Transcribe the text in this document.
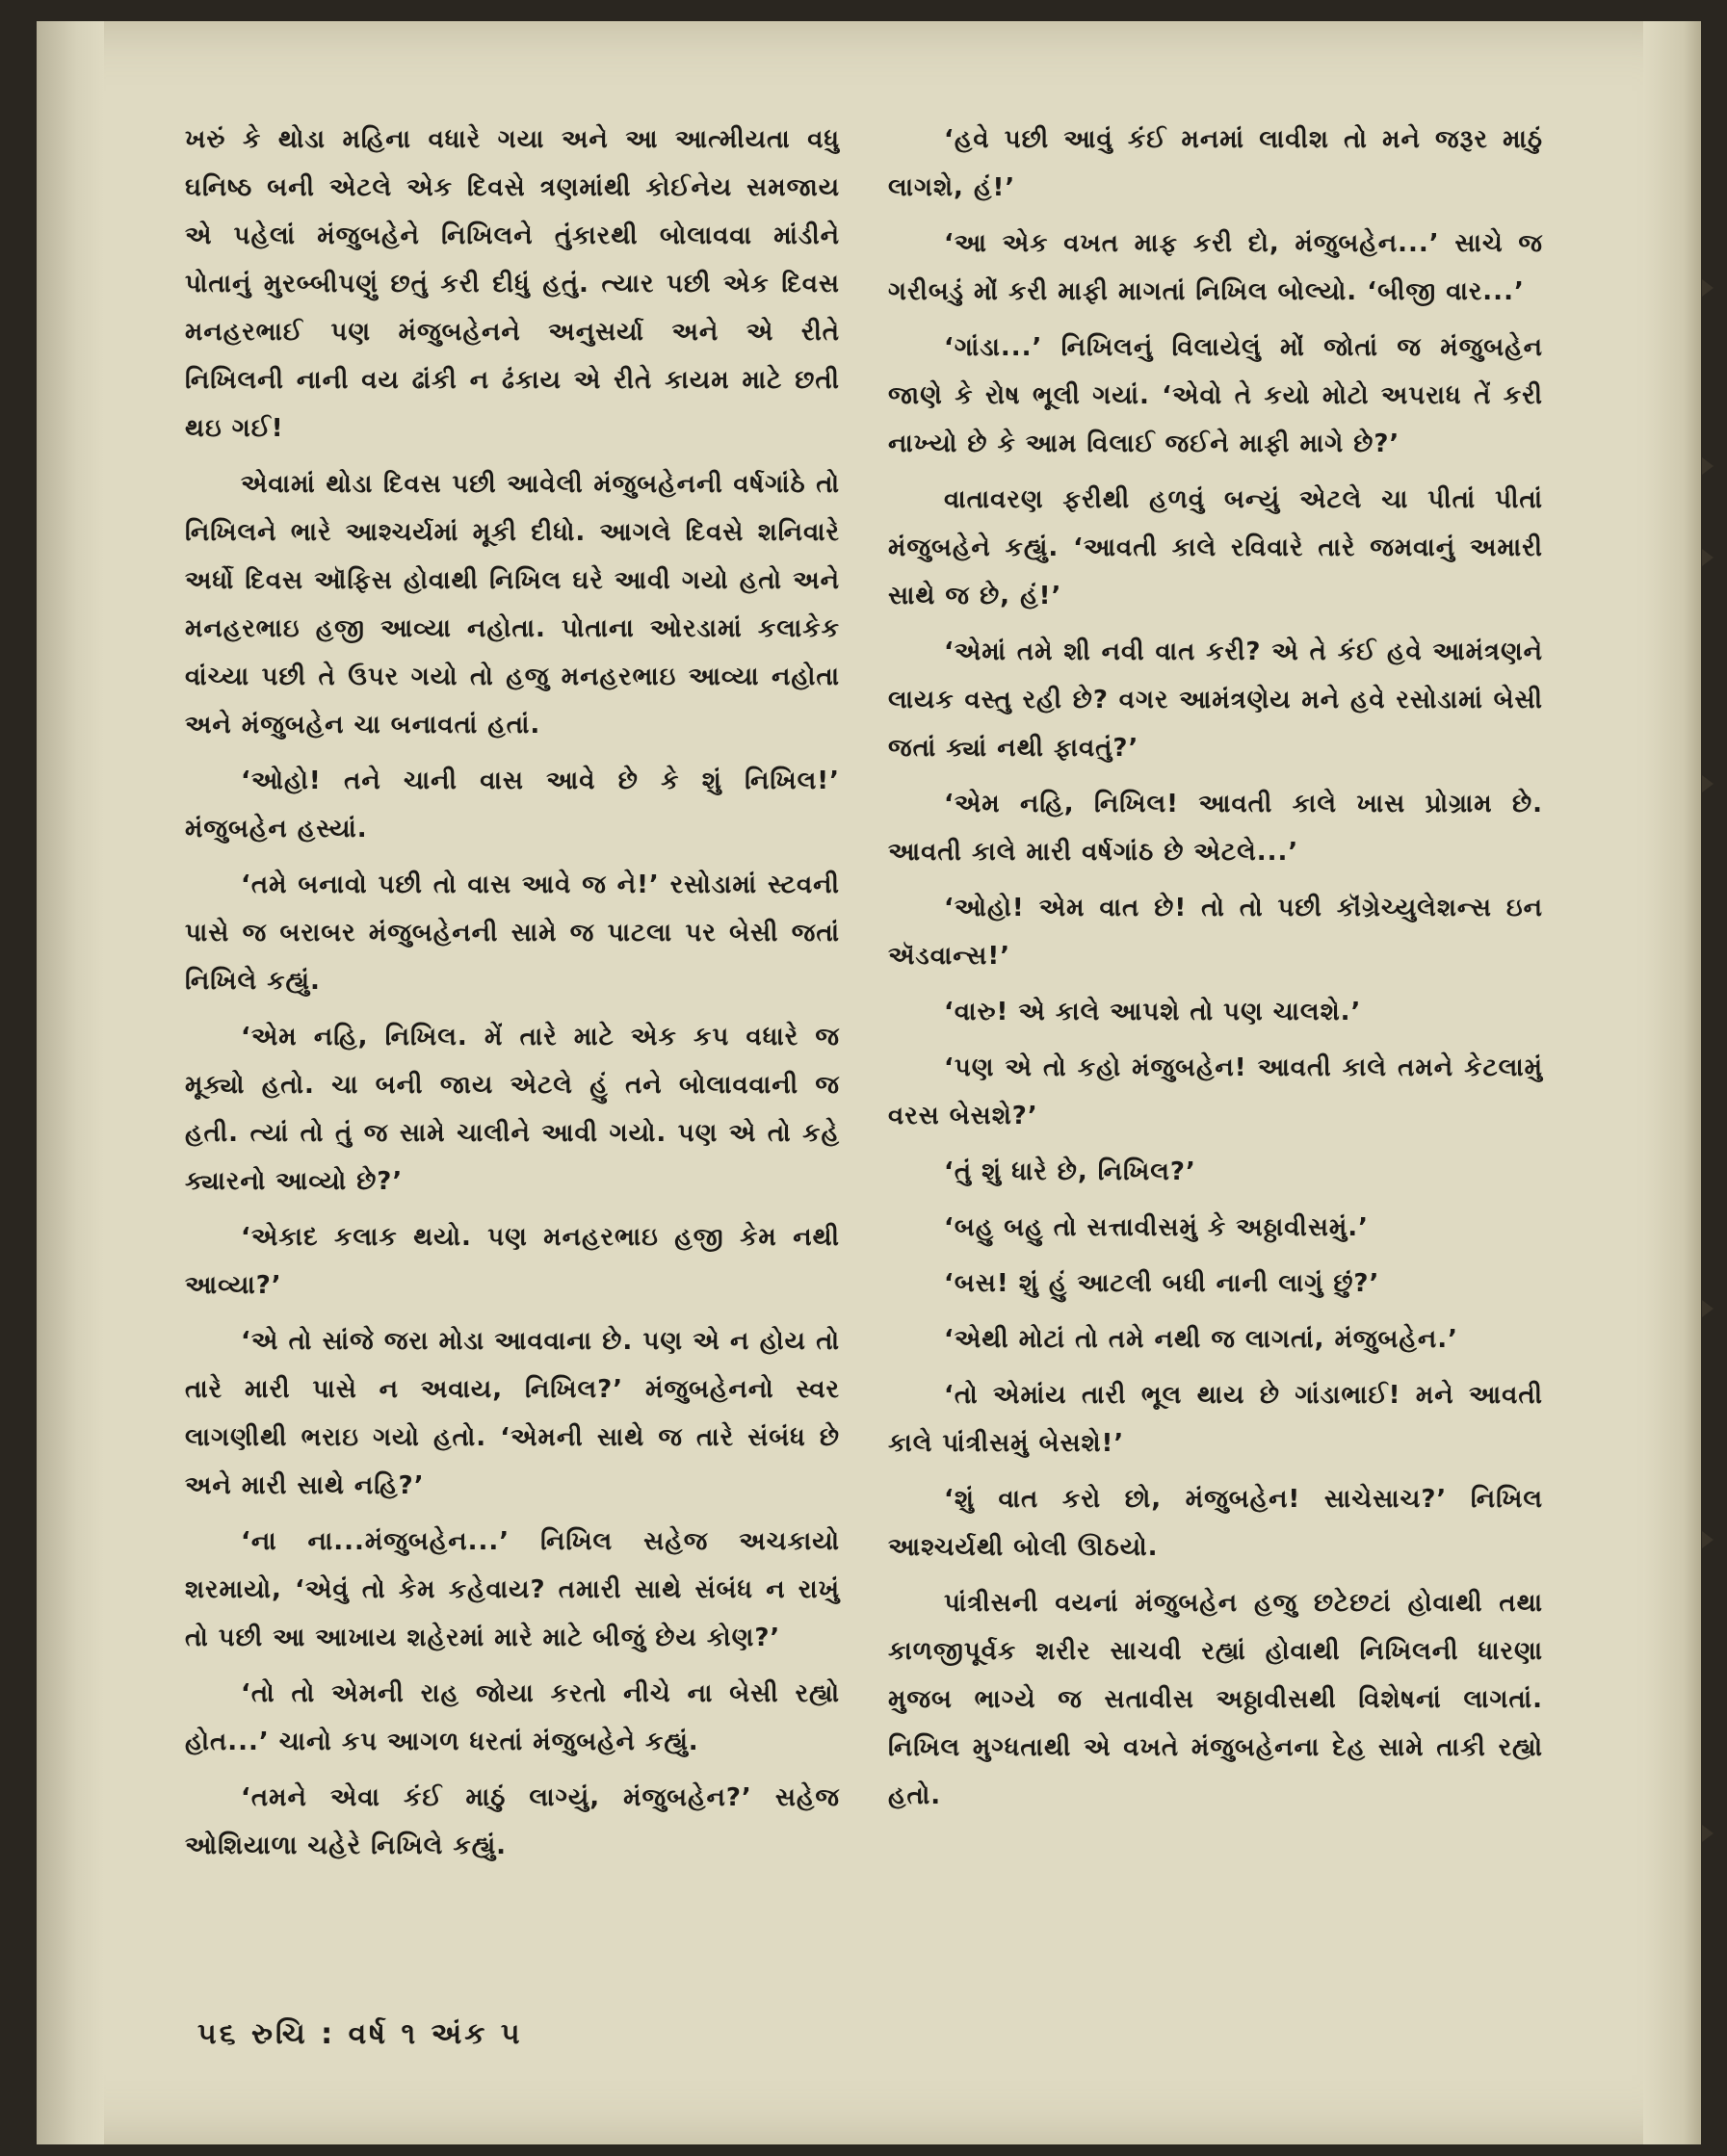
ખરું કે થોડા મહિના વધારે ગયા અને આ આત્મીયતા વધુ ઘનિષ્ઠ બની એટલે એક દિવસે ત્રણમાંથી કોઈનેય સમજાય એ પહેલાં મંજુબહેને નિખિલને તુંકારથી બોલાવવા માંડીને પોતાનું મુરબ્બીપણું છતું કરી દીધું હતું. ત્યાર પછી એક દિવસ મનહરભાઈ પણ મંજુબહેનને અનુસર્યા અને એ રીતે નિખિલની નાની વય ઢાંકી ન ઢંકાય એ રીતે કાયમ માટે છતી થઇ ગઈ!

એવામાં થોડા દિવસ પછી આવેલી મંજુબહેનની વર્ષગાંઠે તો નિખિલને ભારે આશ્ચર્યમાં મૂકી દીધો. આગલે દિવસે શનિવારે અર્ધો દિવસ ઑફિસ હોવાથી નિખિલ ઘરે આવી ગયો હતો અને મનહરભાઇ હજી આવ્યા નહોતા. પોતાના ઓરડામાં કલાકેક વાંચ્યા પછી તે ઉપર ગયો તો હજુ મનહરભાઇ આવ્યા નહોતા અને મંજુબહેન ચા બનાવતાં હતાં.

‘ઓહો! તને ચાની વાસ આવે છે કે શું નિખિલ!’ મંજુબહેન હસ્યાં.

‘તમે બનાવો પછી તો વાસ આવે જ ને!’ રસોડામાં સ્ટવની પાસે જ બરાબર મંજુબહેનની સામે જ પાટલા પર બેસી જતાં નિખિલે કહ્યું.

‘એમ નહિ, નિખિલ. મેં તારે માટે એક કપ વધારે જ મૂક્યો હતો. ચા બની જાય એટલે હું તને બોલાવવાની જ હતી. ત્યાં તો તું જ સામે ચાલીને આવી ગયો. પણ એ તો કહે ક્યારનો આવ્યો છે?’

‘એકાદ કલાક થયો. પણ મનહરભાઇ હજી કેમ નથી આવ્યા?’

‘એ તો સાંજે જરા મોડા આવવાના છે. પણ એ ન હોય તો તારે મારી પાસે ન અવાય, નિખિલ?’ મંજુબહેનનો સ્વર લાગણીથી ભરાઇ ગયો હતો. ‘એમની સાથે જ તારે સંબંધ છે અને મારી સાથે નહિ?’

‘ના ના...મંજુબહેન...’ નિખિલ સહેજ અચકાયો શરમાયો, ‘એવું તો કેમ કહેવાય? તમારી સાથે સંબંધ ન રાખું તો પછી આ આખાય શહેરમાં મારે માટે બીજું છેય કોણ?’

‘તો તો એમની રાહ જોયા કરતો નીચે ના બેસી રહ્યો હોત...’ ચાનો કપ આગળ ધરતાં મંજુબહેને કહ્યું.

‘તમને એવા કંઈ માઠું લાગ્યું, મંજુબહેન?’ સહેજ ઓશિયાળા ચહેરે નિખિલે કહ્યું.

‘હવે પછી આવું કંઈ મનમાં લાવીશ તો મને જરૂર માઠું લાગશે, હં!’

‘આ એક વખત માફ કરી દો, મંજુબહેન...’ સાચે જ ગરીબડું મોં કરી માફી માગતાં નિખિલ બોલ્યો. ‘બીજી વાર...’

‘ગાંડા...’ નિખિલનું વિલાયેલું મોં જોતાં જ મંજુબહેન જાણે કે રોષ ભૂલી ગયાં. ‘એવો તે કયો મોટો અપરાધ તેં કરી નાખ્યો છે કે આમ વિલાઈ જઈને માફી માગે છે?’

વાતાવરણ ફરીથી હળવું બન્યું એટલે ચા પીતાં પીતાં મંજુબહેને કહ્યું. ‘આવતી કાલે રવિવારે તારે જમવાનું અમારી સાથે જ છે, હં!’

‘એમાં તમે શી નવી વાત કરી? એ તે કંઈ હવે આમંત્રણને લાયક વસ્તુ રહી છે? વગર આમંત્રણેય મને હવે રસોડામાં બેસી જતાં ક્યાં નથી ફાવતું?’

‘એમ નહિ, નિખિલ! આવતી કાલે ખાસ પ્રોગ્રામ છે. આવતી કાલે મારી વર્ષગાંઠ છે એટલે...’

‘ઓહો! એમ વાત છે! તો તો પછી કૉંગ્રેચ્યુલેશન્સ ઇન ઍડવાન્સ!’

‘વારુ! એ કાલે આપશે તો પણ ચાલશે.’

‘પણ એ તો કહો મંજુબહેન! આવતી કાલે તમને કેટલામું વરસ બેસશે?’

‘તું શું ધારે છે, નિખિલ?’

‘બહુ બહુ તો સત્તાવીસમું કે અઠ્ઠાવીસમું.’

‘બસ! શું હું આટલી બધી નાની લાગું છું?’

‘એથી મોટાં તો તમે નથી જ લાગતાં, મંજુબહેન.’

‘તો એમાંય તારી ભૂલ થાય છે ગાંડાભાઈ! મને આવતી કાલે પાંત્રીસમું બેસશે!’

‘શું વાત કરો છો, મંજુબહેન! સાચેસાચ?’ નિખિલ આશ્ચર્યથી બોલી ઊઠયો.

પાંત્રીસની વયનાં મંજુબહેન હજુ છટેછટાં હોવાથી તથા કાળજીપૂર્વક શરીર સાચવી રહ્યાં હોવાથી નિખિલની ધારણા મુજબ ભાગ્યે જ સતાવીસ અઠ્ઠાવીસથી વિશેષનાં લાગતાં. નિખિલ મુગ્ધતાથી એ વખતે મંજુબહેનના દેહ સામે તાકી રહ્યો હતો.

૫૬ રુચિ : વર્ષ ૧ અંક ૫
